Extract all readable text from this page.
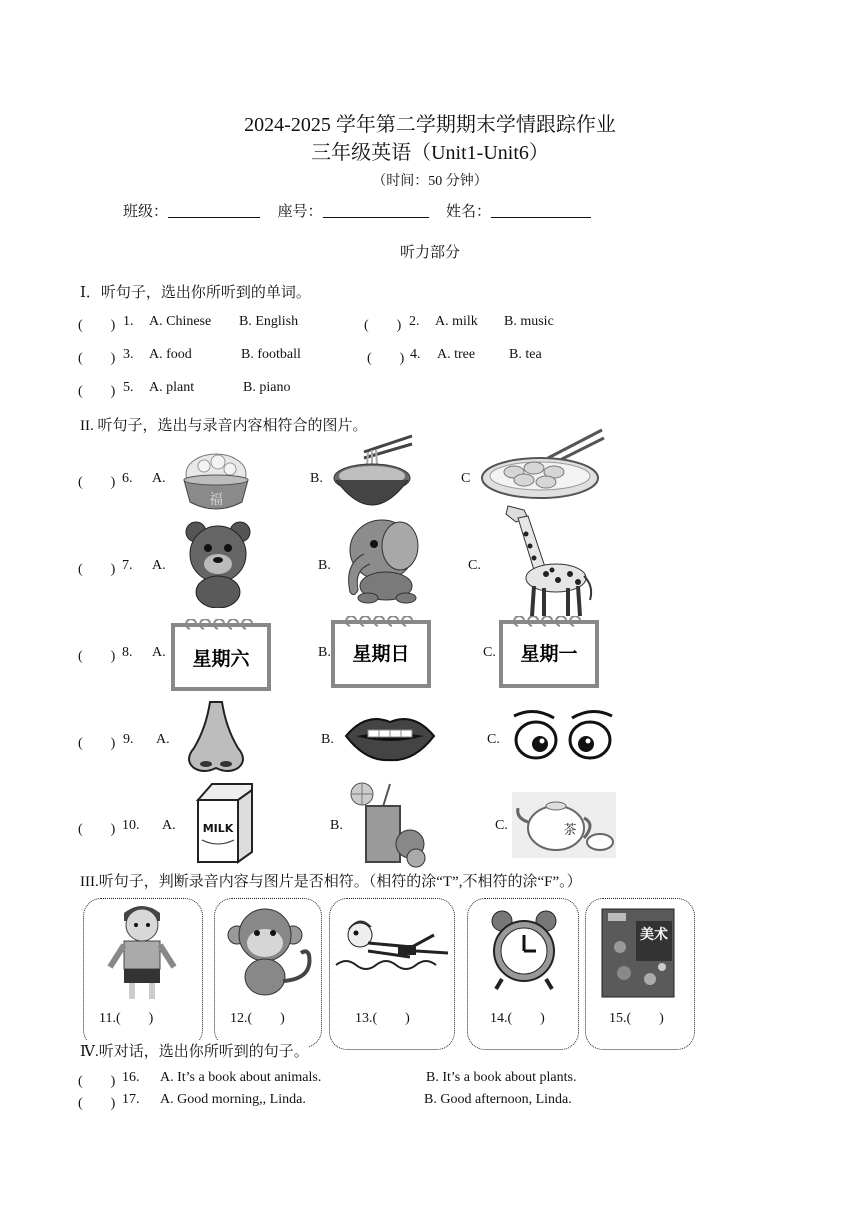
2024-2025 学年第二学期期末学情跟踪作业
三年级英语（Unit1-Unit6）
（时间：50 分钟）
班级：	座号：	姓名：
听力部分
Ⅰ．听句子，选出你所听到的单词。
(　　) 1. A. Chinese B. English	(　　) 2. A. milk B. music
(　　) 3. A. food	B. football	(　　) 4. A. tree B. tea
(　　) 5. A. plant	B. piano
II. 听句子，选出与录音内容相符合的图片。
(　　) 6. A.	B.	C
福
(　　) 7. A.	B.	C.
(　　) 8. A.	B.	C.
星期六	星期日	星期一
(　　) 9. A.	B.	C.
(　　) 10. A.	B.	C.
MILK	茶
III.听句子，判断录音内容与图片是否相符。（相符的涂“T”,不相符的涂“F”。）
11.(　　)	12.(　　)	13.(　　)	14.(　　)
美术
15.(　　)
Ⅳ.听对话，选出你所听到的句子。
(　　) 16. A. It’s a book about animals.	B. It’s a book about plants.
(　　) 17. A. Good morning,, Linda.	B. Good afternoon, Linda.
